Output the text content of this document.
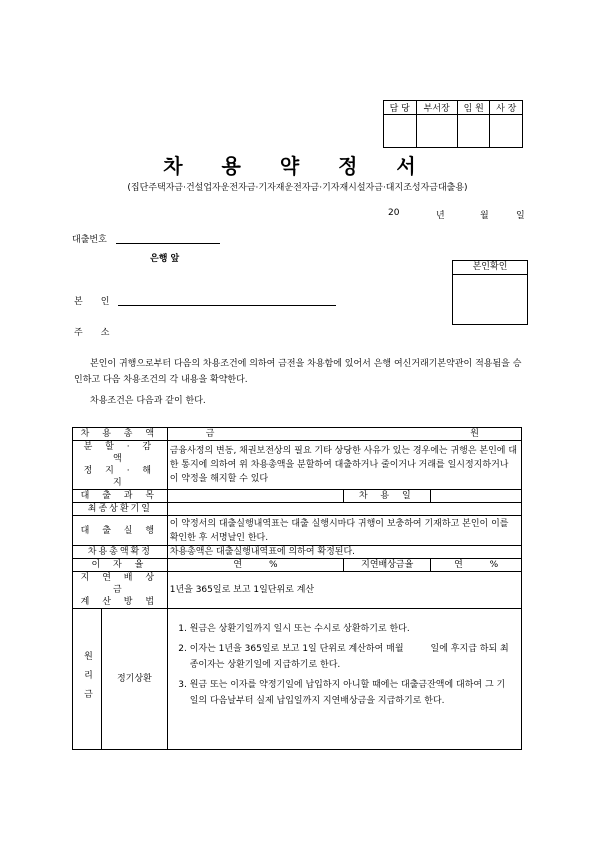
담 당	부서장	임 원	사 장

차 용 약 정 서
(집단주택자금·건설업자운전자금·기자재운전자금·기자재시설자금·대지조성자금대출용)
20	년	월	일
대출번호
은행 앞
본인확인
본　　인
주　　소
본인이 귀행으로부터 다음의 차용조건에 의하여 금전을 차용함에 있어서 은행 여신거래기본약관이 적용됨을 승인하고 다음 차용조건의 각 내용을 확약한다.
차용조건은 다음과 같이 한다.
차 용 총 액	금	원

분 할 · 감 액
정 지 · 해 지
	금융사정의 변동, 채권보전상의 필요 기타 상당한 사유가 있는 경우에는 귀행은 본인에 대한 통지에 의하여 위 차용총액을 분할하여 대출하거나 줄이거나 거래를 일시정지하거나 이 약정을 해지할 수 있다
대 출 과 목		차 용 일	
최종상환기일	
대 출 실 행	이 약정서의 대출실행내역표는 대출 실행시마다 귀행이 보충하여 기재하고 본인이 이를 확인한 후 서명날인 한다.
차용총액확정	차용총액은 대출실행내역표에 의하여 확정된다.
이 자 율	연	%	지연배상금율	연	%

지 연 배 상 금
계 산 방 법
	1년을 365일로 보고 1일단위로 계산

원리금	정기상환

1. 원금은 상환기일까지 일시 또는 수시로 상환하기로 한다.
2. 이자는 1년을 365일로 보고 1일 단위로 계산하여 매월　　　일에 후지급 하되 최종이자는 상환기일에 지급하기로 한다.
3. 원금 또는 이자를 약정기일에 납입하지 아니할 때에는 대출금잔액에 대하여 그 기일의 다음날부터 실제 납입일까지 지연배상금을 지급하기로 한다.
